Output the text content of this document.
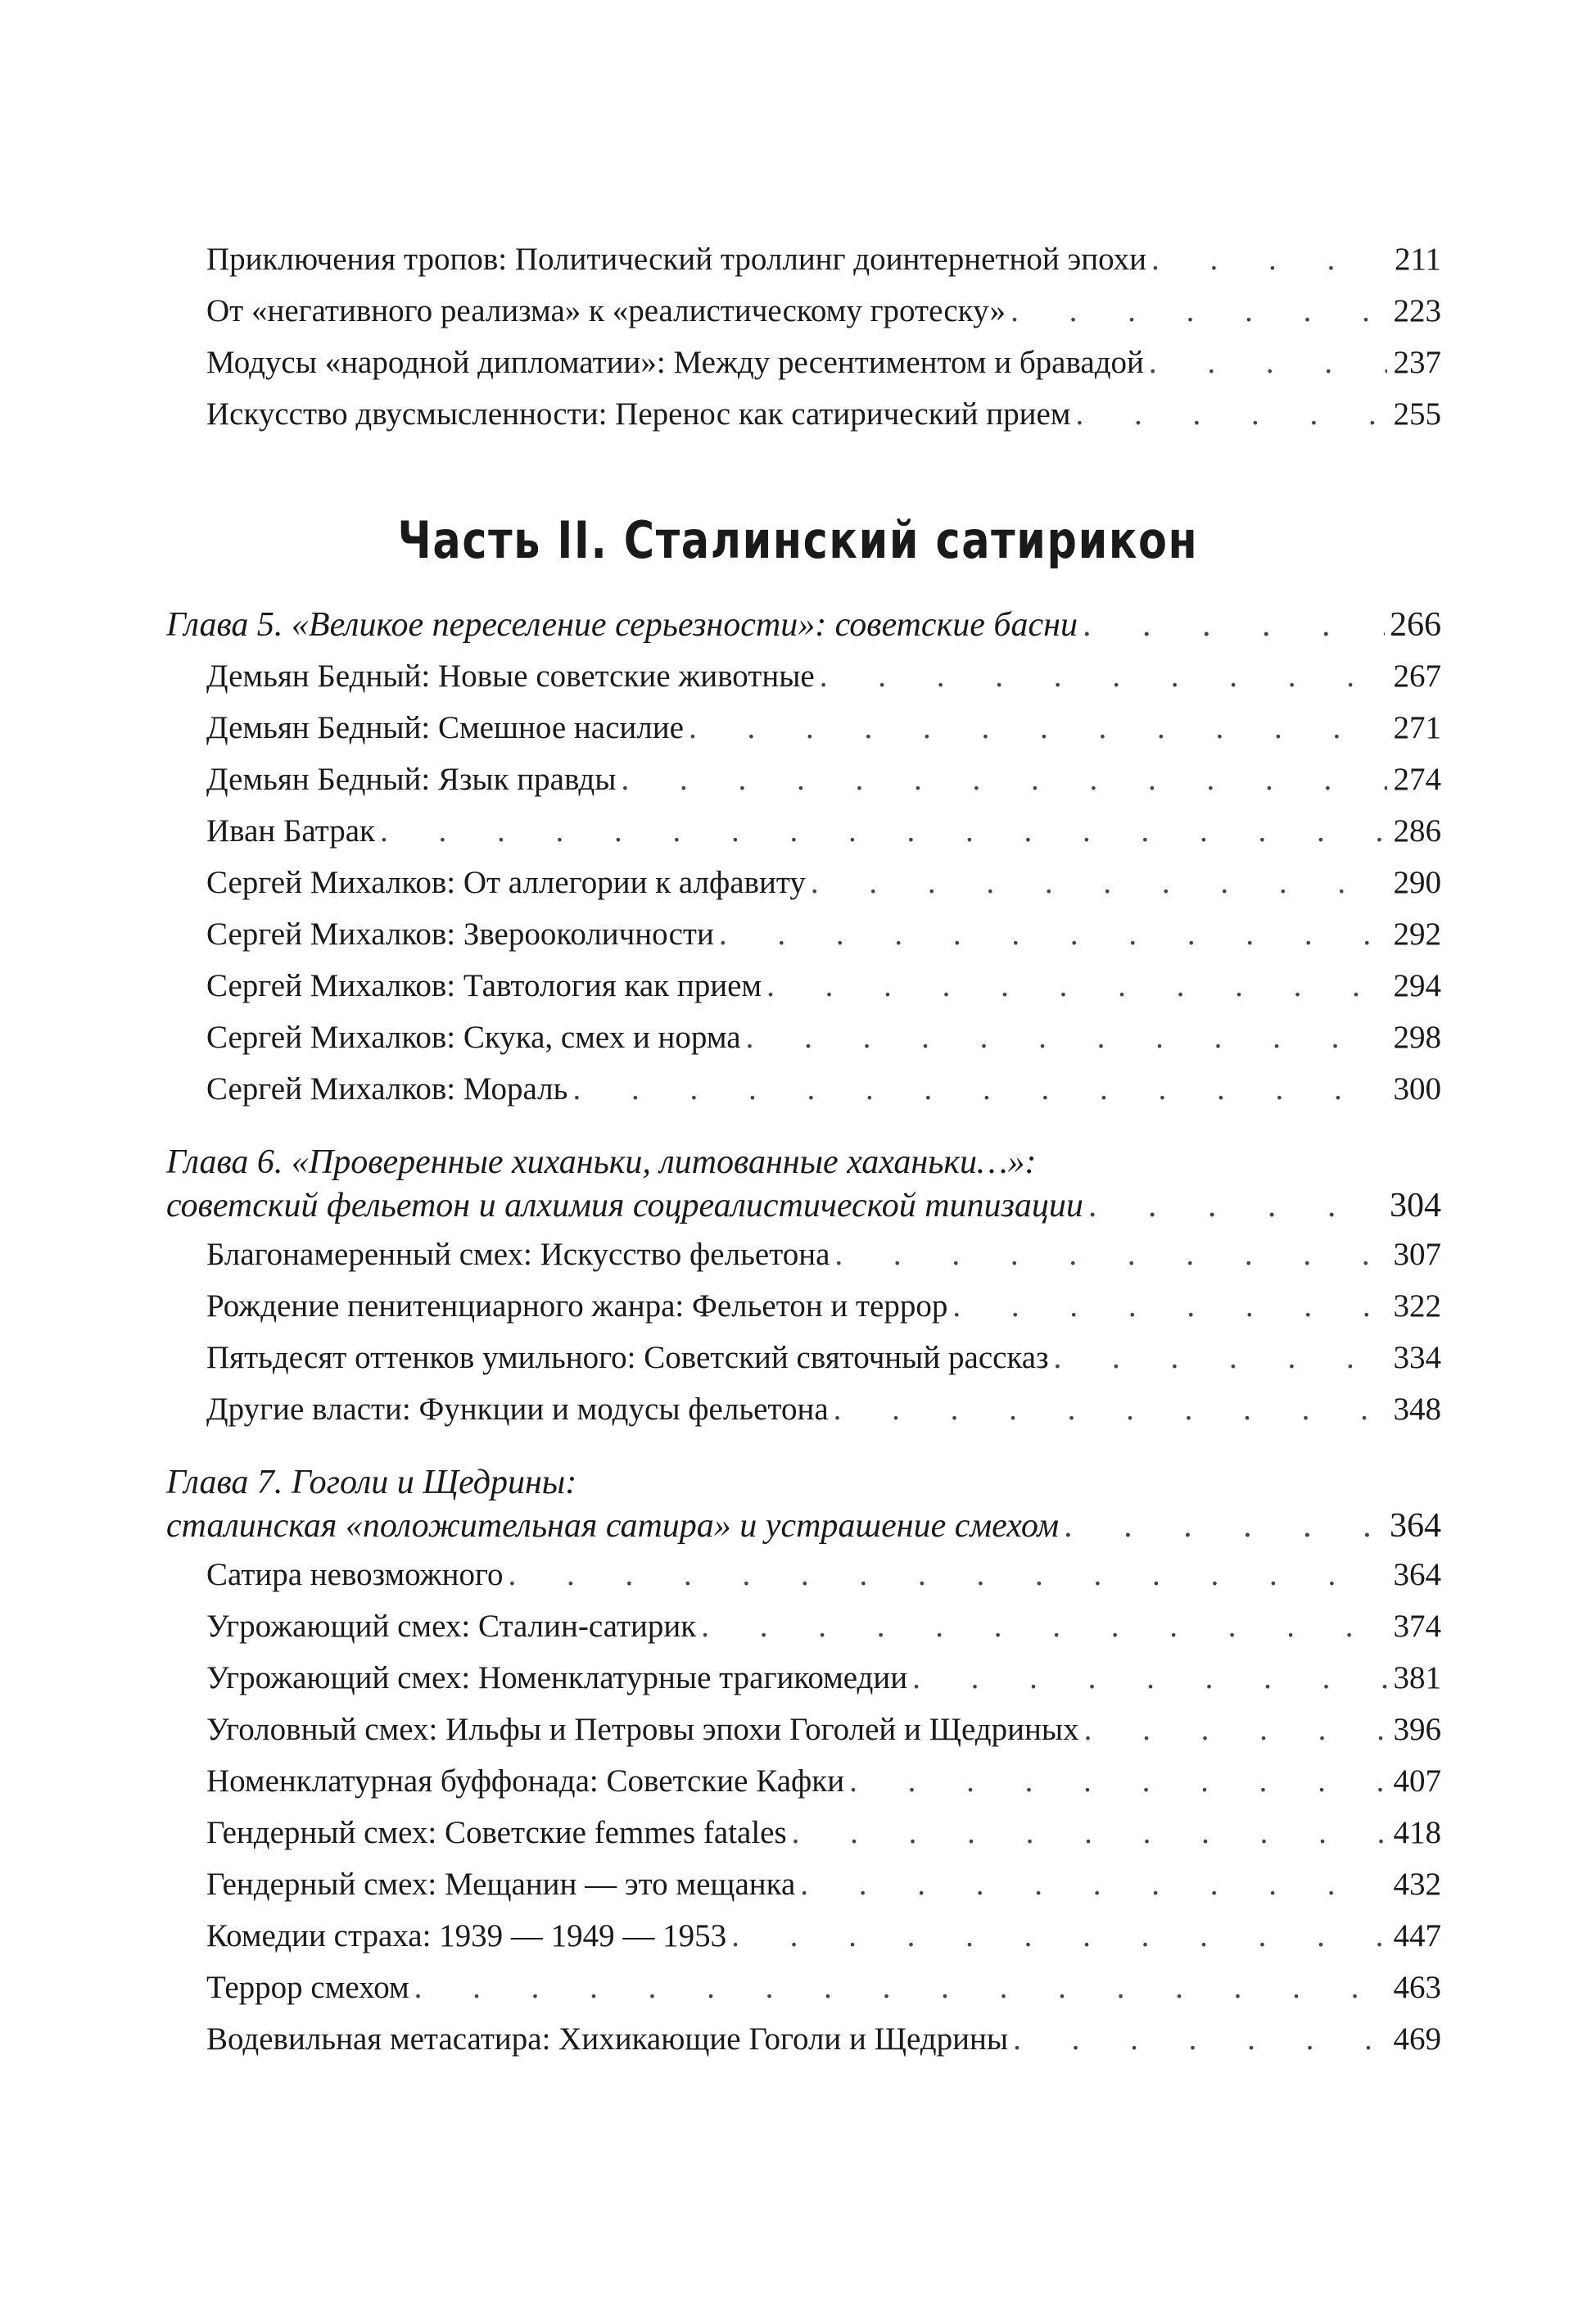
Приключения тропов: Политический троллинг доинтернетной эпохи . . .	211
От «негативного реализма» к «реалистическому гротеску» . . .	223
Модусы «народной дипломатии»: Между ресентиментом и бравадой . . .	237
Искусство двусмысленности: Перенос как сатирический прием . . .	255
Часть II. Сталинский сатирикон
Глава 5. «Великое переселение серьезности»: советские басни . . .	266
Демьян Бедный: Новые советские животные . . .	267
Демьян Бедный: Смешное насилие . . .	271
Демьян Бедный: Язык правды . . .	274
Иван Батрак . . .	286
Сергей Михалков: От аллегории к алфавиту . . .	290
Сергей Михалков: Зверооколичности . . .	292
Сергей Михалков: Тавтология как прием . . .	294
Сергей Михалков: Скука, смех и норма . . .	298
Сергей Михалков: Мораль . . .	300
Глава 6. «Проверенные хиханьки, литованные хаханьки…»:
советский фельетон и алхимия соцреалистической типизации . . .	304
Благонамеренный смех: Искусство фельетона . . .	307
Рождение пенитенциарного жанра: Фельетон и террор . . .	322
Пятьдесят оттенков умильного: Советский святочный рассказ . . .	334
Другие власти: Функции и модусы фельетона . . .	348
Глава 7. Гоголи и Щедрины:
сталинская «положительная сатира» и устрашение смехом . . .	364
Сатира невозможного . . .	364
Угрожающий смех: Сталин-сатирик . . .	374
Угрожающий смех: Номенклатурные трагикомедии . . .	381
Уголовный смех: Ильфы и Петровы эпохи Гоголей и Щедриных . . .	396
Номенклатурная буффонада: Советские Кафки . . .	407
Гендерный смех: Советские femmes fatales . . .	418
Гендерный смех: Мещанин — это мещанка . . .	432
Комедии страха: 1939 — 1949 — 1953 . . .	447
Террор смехом . . .	463
Водевильная метасатира: Хихикающие Гоголи и Щедрины . . .	469
